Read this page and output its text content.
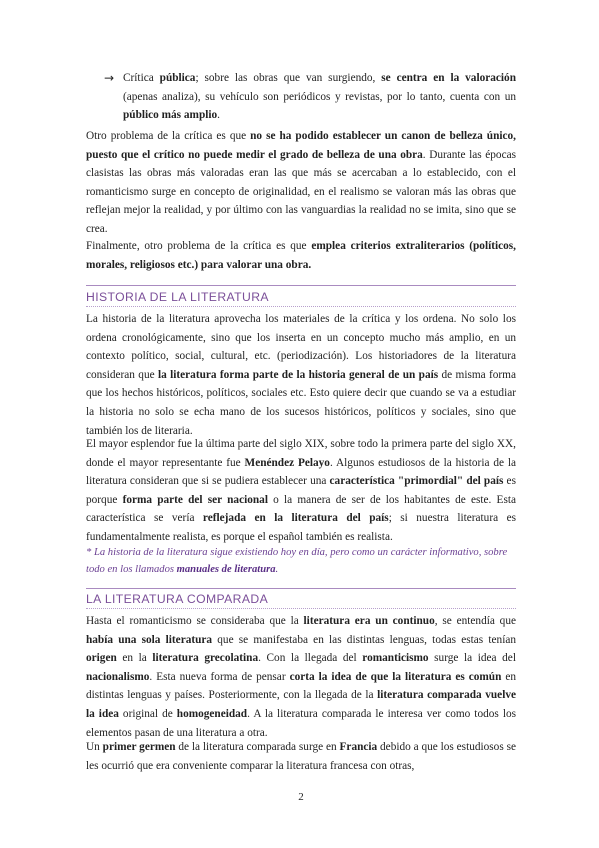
→ Crítica pública; sobre las obras que van surgiendo, se centra en la valoración (apenas analiza), su vehículo son periódicos y revistas, por lo tanto, cuenta con un público más amplio.

Otro problema de la crítica es que no se ha podido establecer un canon de belleza único, puesto que el crítico no puede medir el grado de belleza de una obra. Durante las épocas clasistas las obras más valoradas eran las que más se acercaban a lo establecido, con el romanticismo surge en concepto de originalidad, en el realismo se valoran más las obras que reflejan mejor la realidad, y por último con las vanguardias la realidad no se imita, sino que se crea.

Finalmente, otro problema de la crítica es que emplea criterios extraliterarios (políticos, morales, religiosos etc.) para valorar una obra.

HISTORIA DE LA LITERATURA

La historia de la literatura aprovecha los materiales de la crítica y los ordena. No solo los ordena cronológicamente, sino que los inserta en un concepto mucho más amplio, en un contexto político, social, cultural, etc. (periodización). Los historiadores de la literatura consideran que la literatura forma parte de la historia general de un país de misma forma que los hechos históricos, políticos, sociales etc. Esto quiere decir que cuando se va a estudiar la historia no solo se echa mano de los sucesos históricos, políticos y sociales, sino que también los de literaria.

El mayor esplendor fue la última parte del siglo XIX, sobre todo la primera parte del siglo XX, donde el mayor representante fue Menéndez Pelayo. Algunos estudiosos de la historia de la literatura consideran que si se pudiera establecer una característica "primordial" del país es porque forma parte del ser nacional o la manera de ser de los habitantes de este. Esta característica se vería reflejada en la literatura del país; si nuestra literatura es fundamentalmente realista, es porque el español también es realista.

* La historia de la literatura sigue existiendo hoy en día, pero como un carácter informativo, sobre todo en los llamados manuales de literatura.

LA LITERATURA COMPARADA

Hasta el romanticismo se consideraba que la literatura era un continuo, se entendía que había una sola literatura que se manifestaba en las distintas lenguas, todas estas tenían origen en la literatura grecolatina. Con la llegada del romanticismo surge la idea del nacionalismo. Esta nueva forma de pensar corta la idea de que la literatura es común en distintas lenguas y países. Posteriormente, con la llegada de la literatura comparada vuelve la idea original de homogeneidad. A la literatura comparada le interesa ver como todos los elementos pasan de una literatura a otra.

Un primer germen de la literatura comparada surge en Francia debido a que los estudiosos se les ocurrió que era conveniente comparar la literatura francesa con otras,

2
